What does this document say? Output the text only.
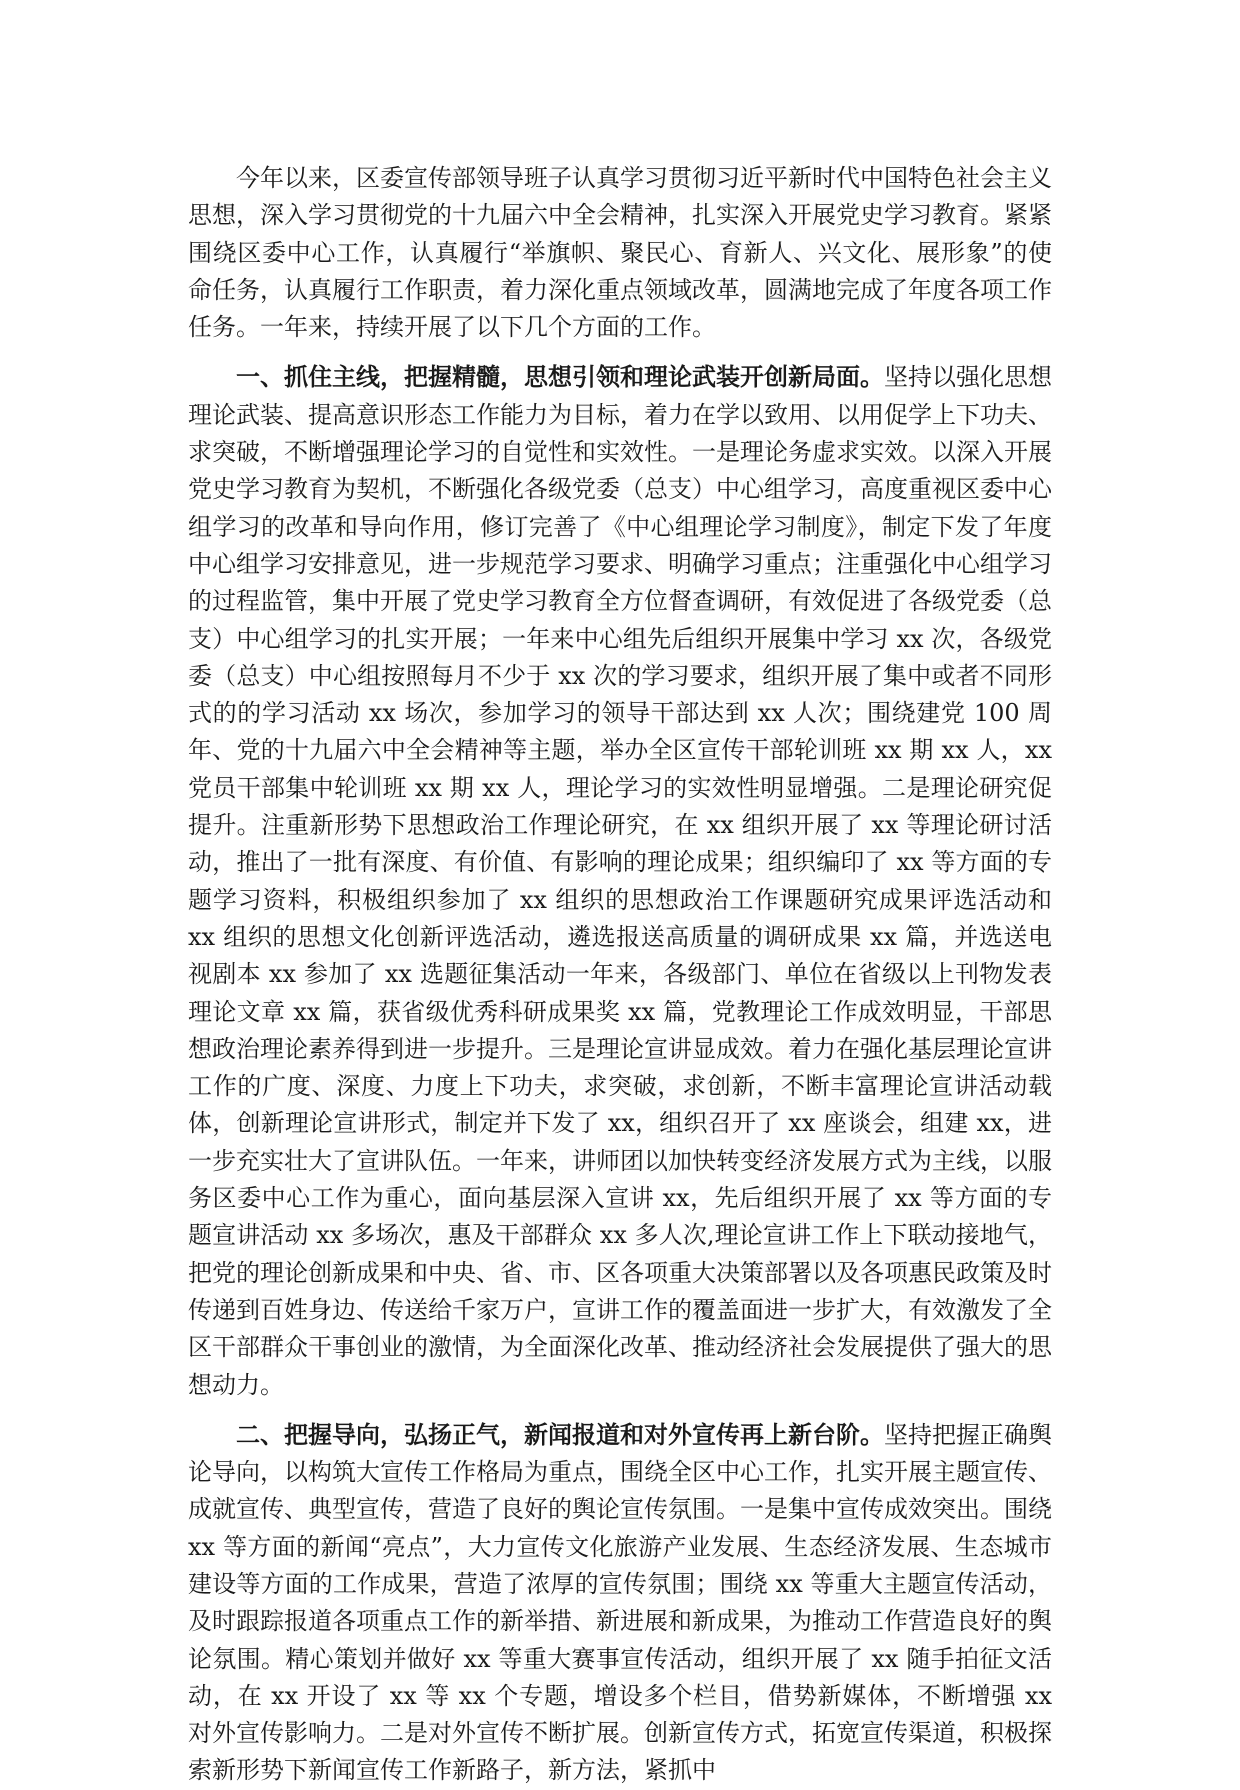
今年以来，区委宣传部领导班子认真学习贯彻习近平新时代中国特色社会主义思想，深入学习贯彻党的十九届六中全会精神，扎实深入开展党史学习教育。紧紧围绕区委中心工作，认真履行“举旗帜、聚民心、育新人、兴文化、展形象”的使命任务，认真履行工作职责，着力深化重点领域改革，圆满地完成了年度各项工作任务。一年来，持续开展了以下几个方面的工作。

一、抓住主线，把握精髓，思想引领和理论武装开创新局面。坚持以强化思想理论武装、提高意识形态工作能力为目标，着力在学以致用、以用促学上下功夫、求突破，不断增强理论学习的自觉性和实效性。一是理论务虚求实效。以深入开展党史学习教育为契机，不断强化各级党委（总支）中心组学习，高度重视区委中心组学习的改革和导向作用，修订完善了《中心组理论学习制度》，制定下发了年度中心组学习安排意见，进一步规范学习要求、明确学习重点；注重强化中心组学习的过程监管，集中开展了党史学习教育全方位督查调研，有效促进了各级党委（总支）中心组学习的扎实开展；一年来中心组先后组织开展集中学习 xx 次，各级党委（总支）中心组按照每月不少于 xx 次的学习要求，组织开展了集中或者不同形式的的学习活动 xx 场次，参加学习的领导干部达到 xx 人次；围绕建党 100 周年、党的十九届六中全会精神等主题，举办全区宣传干部轮训班 xx 期 xx 人，xx 党员干部集中轮训班 xx 期 xx 人，理论学习的实效性明显增强。二是理论研究促提升。注重新形势下思想政治工作理论研究，在 xx 组织开展了 xx 等理论研讨活动，推出了一批有深度、有价值、有影响的理论成果；组织编印了 xx 等方面的专题学习资料，积极组织参加了 xx 组织的思想政治工作课题研究成果评选活动和 xx 组织的思想文化创新评选活动，遴选报送高质量的调研成果 xx 篇，并选送电视剧本 xx 参加了 xx 选题征集活动一年来，各级部门、单位在省级以上刊物发表理论文章 xx 篇，获省级优秀科研成果奖 xx 篇，党教理论工作成效明显，干部思想政治理论素养得到进一步提升。三是理论宣讲显成效。着力在强化基层理论宣讲工作的广度、深度、力度上下功夫，求突破，求创新，不断丰富理论宣讲活动载体，创新理论宣讲形式，制定并下发了 xx，组织召开了 xx 座谈会，组建 xx，进一步充实壮大了宣讲队伍。一年来，讲师团以加快转变经济发展方式为主线，以服务区委中心工作为重心，面向基层深入宣讲 xx，先后组织开展了 xx 等方面的专题宣讲活动 xx 多场次，惠及干部群众 xx 多人次,理论宣讲工作上下联动接地气，把党的理论创新成果和中央、省、市、区各项重大决策部署以及各项惠民政策及时传递到百姓身边、传送给千家万户，宣讲工作的覆盖面进一步扩大，有效激发了全区干部群众干事创业的激情，为全面深化改革、推动经济社会发展提供了强大的思想动力。

二、把握导向，弘扬正气，新闻报道和对外宣传再上新台阶。坚持把握正确舆论导向，以构筑大宣传工作格局为重点，围绕全区中心工作，扎实开展主题宣传、成就宣传、典型宣传，营造了良好的舆论宣传氛围。一是集中宣传成效突出。围绕 xx 等方面的新闻“亮点”，大力宣传文化旅游产业发展、生态经济发展、生态城市建设等方面的工作成果，营造了浓厚的宣传氛围；围绕 xx 等重大主题宣传活动，及时跟踪报道各项重点工作的新举措、新进展和新成果，为推动工作营造良好的舆论氛围。精心策划并做好 xx 等重大赛事宣传活动，组织开展了 xx 随手拍征文活动，在 xx 开设了 xx 等 xx 个专题，增设多个栏目，借势新媒体，不断增强 xx 对外宣传影响力。二是对外宣传不断扩展。创新宣传方式，拓宽宣传渠道，积极探索新形势下新闻宣传工作新路子，新方法，紧抓中
